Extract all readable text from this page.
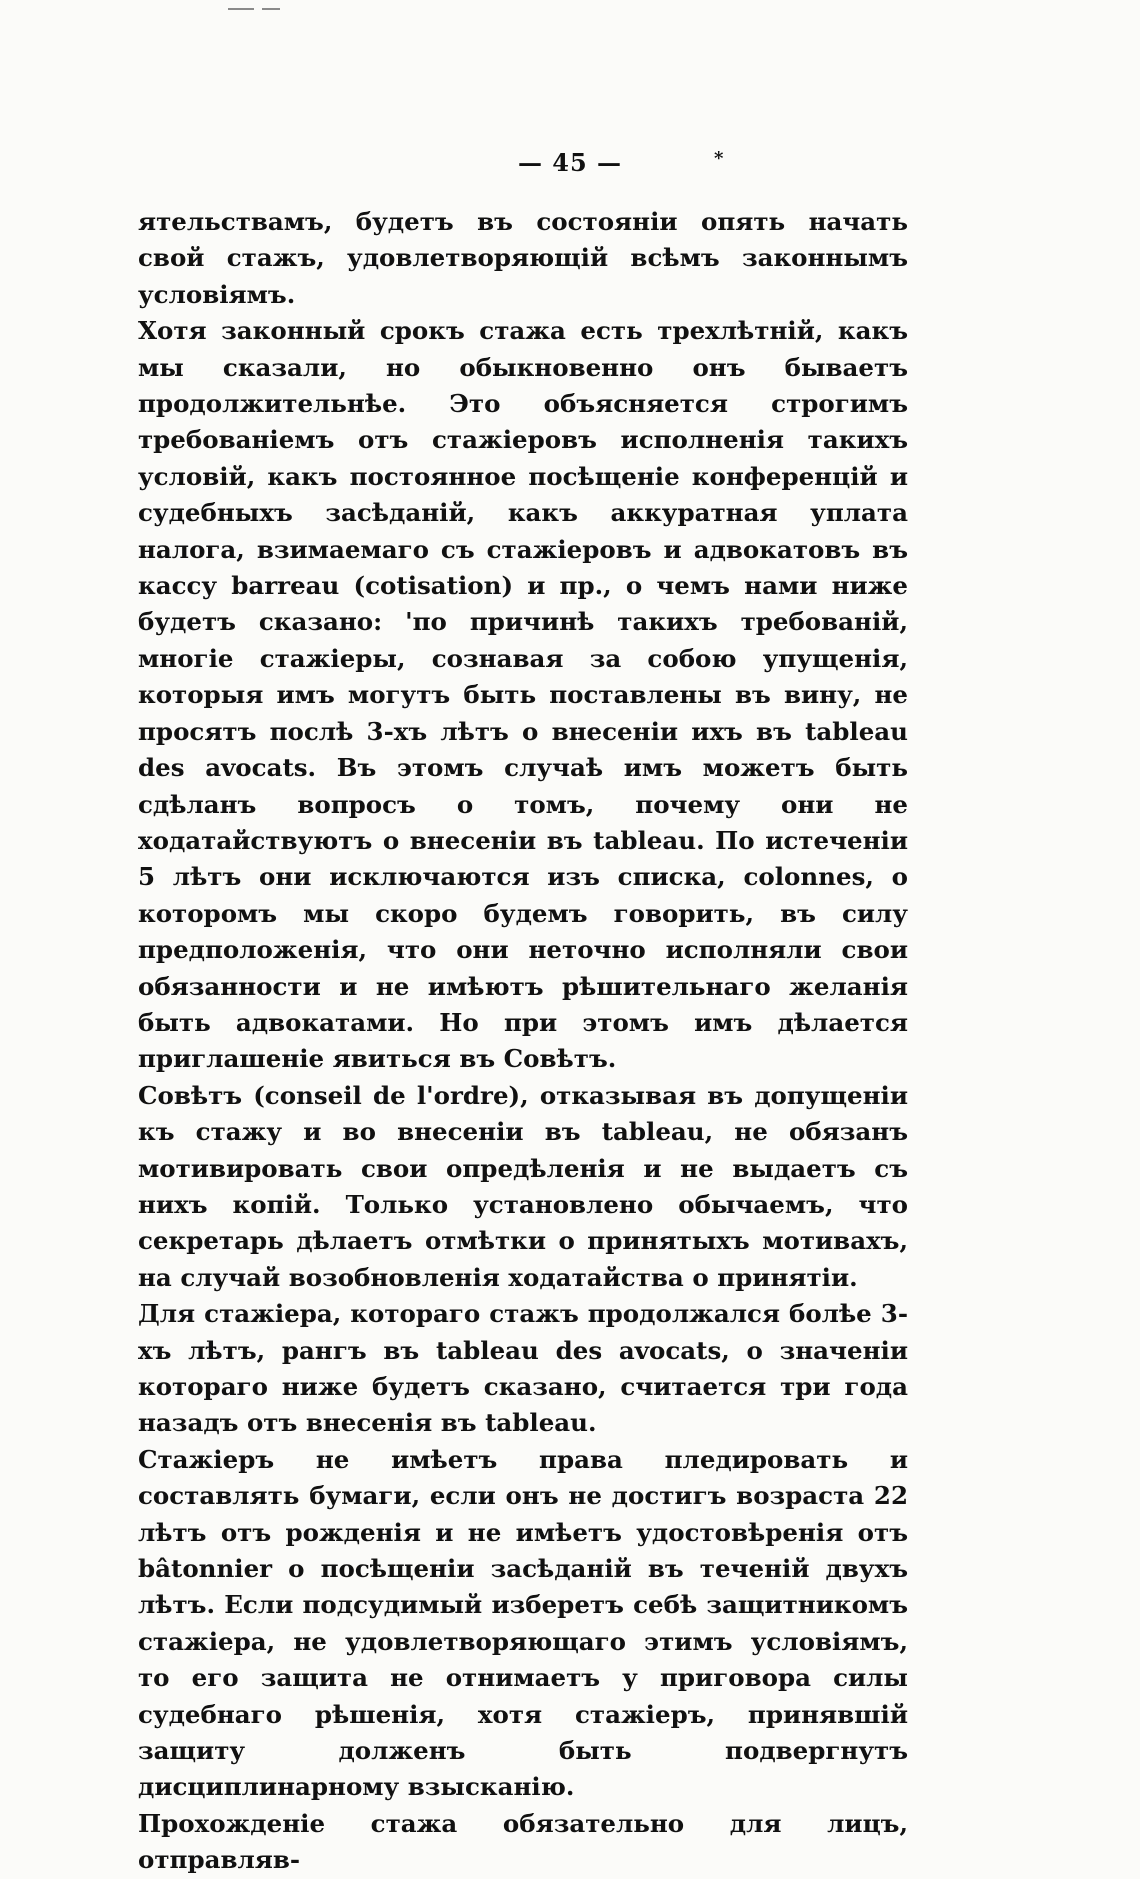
— 45 —	*

ятельствамъ, будетъ въ состоянiи опять начать свой стажъ, удовлетворяющiй всѣмъ законнымъ условiямъ.

Хотя законный срокъ стажа есть трехлѣтнiй, какъ мы сказали, но обыкновенно онъ бываетъ продолжительнѣе. Это объясняется строгимъ требованiемъ отъ стажiеровъ исполненiя такихъ условiй, какъ постоянное посѣщенiе конференцiй и судебныхъ засѣданiй, какъ аккуратная уплата налога, взимаемаго съ стажiеровъ и адвокатовъ въ кассу barreau (cotisation) и пр., о чемъ нами ниже будетъ сказано: 'по причинѣ такихъ требованiй, многiе стажiеры, сознавая за собою упущенiя, которыя имъ могутъ быть поставлены въ вину, не просятъ послѣ 3-хъ лѣтъ о внесенiи ихъ въ tableau des avocats. Въ этомъ случаѣ имъ можетъ быть сдѣланъ вопросъ о томъ, почему они не ходатайствуютъ о внесенiи въ tableau. По истеченiи 5 лѣтъ они исключаются изъ списка, colonnes, о которомъ мы скоро будемъ говорить, въ силу предположенiя, что они неточно исполняли свои обязанности и не имѣютъ рѣшительнаго желанiя быть адвокатами. Но при этомъ имъ дѣлается приглашенiе явиться въ Совѣтъ.

Совѣтъ (conseil de l'ordre), отказывая въ допущенiи къ стажу и во внесенiи въ tableau, не обязанъ мотивировать свои опредѣленiя и не выдаетъ съ нихъ копiй. Только установлено обычаемъ, что секретарь дѣлаетъ отмѣтки о принятыхъ мотивахъ, на случай возобновленiя ходатайства о принятiи.

Для стажiера, котораго стажъ продолжался болѣе 3-хъ лѣтъ, рангъ въ tableau des avocats, о значенiи котораго ниже будетъ сказано, считается три года назадъ отъ внесенiя въ tableau.

Стажiеръ не имѣетъ права пледировать и составлять бумаги, если онъ не достигъ возраста 22 лѣтъ отъ рожденiя и не имѣетъ удостовѣренiя отъ bâtonnier о посѣщенiи засѣданiй въ теченiй двухъ лѣтъ. Если подсудимый изберетъ себѣ защитникомъ стажiера, не удовлетворяющаго этимъ условiямъ, то его защита не отнимаетъ у приговора силы судебнаго рѣшенiя, хотя стажiеръ, принявшiй защиту долженъ быть подвергнутъ дисциплинарному взысканiю.

Прохожденiе стажа обязательно для лицъ, отправляв-
